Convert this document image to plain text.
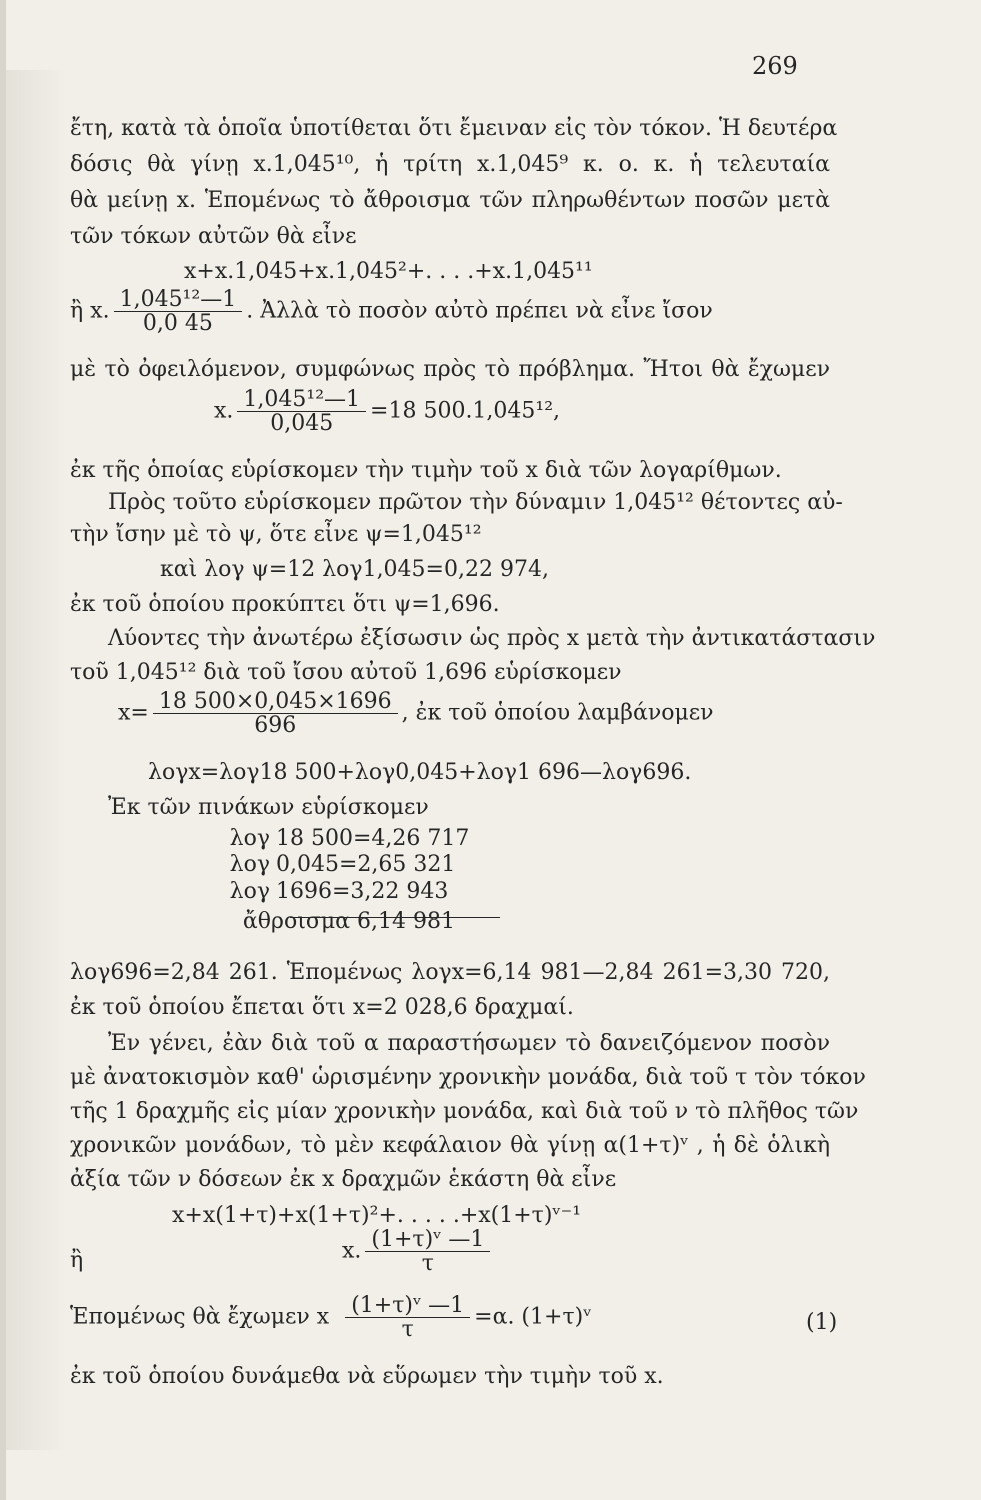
269
ἔτη, κατὰ τὰ ὁποῖα ὑποτίθεται ὅτι ἔμειναν εἰς τὸν τόκον. Ἡ δευτέρα
δόσις θὰ γίνῃ x.1,045¹⁰, ἡ τρίτη x.1,045⁹ κ. ο. κ. ἡ τελευταία
θὰ μείνῃ x. Ἑπομένως τὸ ἄθροισμα τῶν πληρωθέντων ποσῶν μετὰ
τῶν τόκων αὐτῶν θὰ εἶνε
x+x.1,045+x.1,045²+. . . .+x.1,045¹¹
ἢ x. $\frac{\text{1,045¹²—1}}{0,0 45}$ . Ἀλλὰ τὸ ποσὸν αὐτὸ πρέπει νὰ εἶνε ἴσον
μὲ τὸ ὀφειλόμενον, συμφώνως πρὸς τὸ πρόβλημα. Ἤτοι θὰ ἔχωμεν
x. $\frac{\text{1,045¹²—1}}{0,045} =18$ 500.1,045¹²,
ἐκ τῆς ὁποίας εὑρίσκομεν τὴν τιμὴν τοῦ x διὰ τῶν λογαρίθμων.
Πρὸς τοῦτο εὑρίσκομεν πρῶτον τὴν δύναμιν 1,045¹² θέτοντες αὐ-
τὴν ἴσην μὲ τὸ ψ, ὅτε εἶνε ψ=1,045¹²
καὶ λογ ψ=12 λογ1,045=0,22 974,
ἐκ τοῦ ὁποίου προκύπτει ὅτι ψ=1,696.
Λύοντες τὴν ἀνωτέρω ἐξίσωσιν ὡς πρὸς x μετὰ τὴν ἀντικατάστασιν
τοῦ 1,045¹² διὰ τοῦ ἴσου αὐτοῦ 1,696 εὑρίσκομεν
$x= \frac{18 500\times 0,045\times 1696}{696}$ , ἐκ τοῦ ὁποίου λαμβάνομεν
λογx=λογ18 500+λογ0,045+λογ1 696—λογ696.
Ἐκ τῶν πινάκων εὑρίσκομεν
λογ 18 500=4,26 717
λογ 0,045=2,65 321
λογ 1696=3,22 943
ἄθροισμα 6,14 981
λογ696=2,84 261. Ἑπομένως λογx=6,14 981—2,84 261=3,30 720,
ἐκ τοῦ ὁποίου ἔπεται ὅτι x=2 028,6 δραχμαί.
Ἐν γένει, ἐὰν διὰ τοῦ α παραστήσωμεν τὸ δανειζόμενον ποσὸν
μὲ ἀνατοκισμὸν καθ' ὡρισμένην χρονικὴν μονάδα, διὰ τοῦ τ τὸν τόκον
τῆς 1 δραχμῆς εἰς μίαν χρονικὴν μονάδα, καὶ διὰ τοῦ ν τὸ πλῆθος τῶν
χρονικῶν μονάδων, τὸ μὲν κεφάλαιον θὰ γίνῃ α(1+τ)ᵛ , ἡ δὲ ὁλικὴ
ἀξία τῶν ν δόσεων ἐκ x δραχμῶν ἑκάστη θὰ εἶνε
x+x(1+τ)+x(1+τ)²+. . . . .+x(1+τ)ᵛ⁻¹
ἢ	x. $\frac{\text{(1+τ)ᵛ —1}}{\tau}$
Ἑπομένως θὰ ἔχωμεν x $\frac{\text{(1+τ)ᵛ —1}}{\tau} =\alpha$. (1+τ)ᵛ	(1)
ἐκ τοῦ ὁποίου δυνάμεθα νὰ εὕρωμεν τὴν τιμὴν τοῦ x.
